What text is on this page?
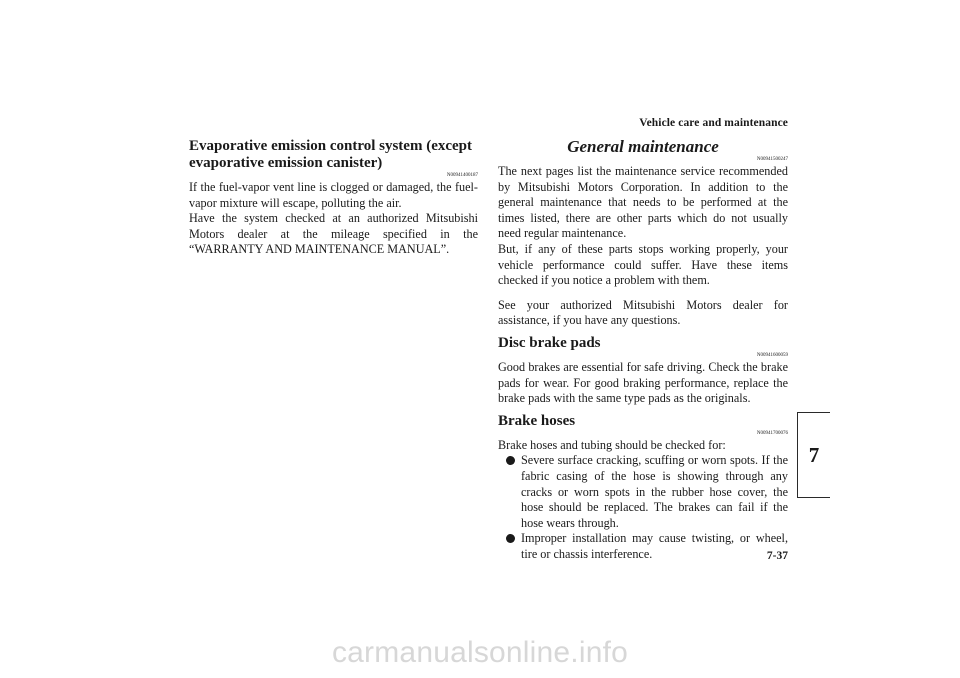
Vehicle care and maintenance
Evaporative emission control system (except evaporative emission canister)

N00941400187

If the fuel-vapor vent line is clogged or damaged, the fuel-vapor mixture will escape, polluting the air.

Have the system checked at an authorized Mitsubishi Motors dealer at the mileage specified in the “WARRANTY AND MAINTENANCE MANUAL”.

General maintenance

N00941500247

The next pages list the maintenance service recommended by Mitsubishi Motors Corporation. In addition to the general maintenance that needs to be performed at the times listed, there are other parts which do not usually need regular maintenance.

But, if any of these parts stops working properly, your vehicle performance could suffer. Have these items checked if you notice a problem with them.

See your authorized Mitsubishi Motors dealer for assistance, if you have any questions.

Disc brake pads

N00941600059

Good brakes are essential for safe driving. Check the brake pads for wear. For good braking performance, replace the brake pads with the same type pads as the originals.

Brake hoses

N00941700076

Brake hoses and tubing should be checked for:

Severe surface cracking, scuffing or worn spots. If the fabric casing of the hose is showing through any cracks or worn spots in the rubber hose cover, the hose should be replaced. The brakes can fail if the hose wears through.
Improper installation may cause twisting, or wheel, tire or chassis interference.
7
7-37
carmanualsonline.info
